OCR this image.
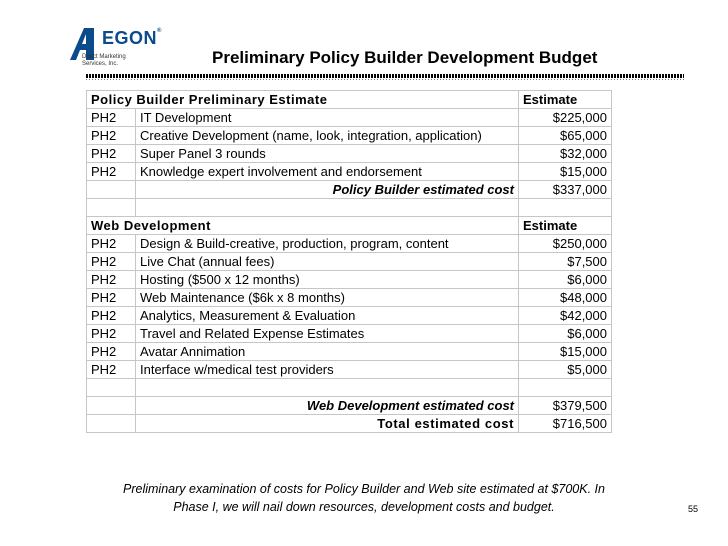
EGON®
Direct Marketing
Services, Inc.	Preliminary Policy Builder Development Budget
Policy Builder Preliminary Estimate		Estimate
PH2	IT Development	$225,000
PH2	Creative Development (name, look, integration, application)	$65,000
PH2	Super Panel 3 rounds	$32,000
PH2	Knowledge expert involvement and endorsement	$15,000
	Policy Builder estimated cost	$337,000

Web Development		Estimate
PH2	Design & Build-creative, production, program, content	$250,000
PH2	Live Chat (annual fees)	$7,500
PH2	Hosting ($500 x 12 months)	$6,000
PH2	Web Maintenance ($6k x 8 months)	$48,000
PH2	Analytics, Measurement & Evaluation	$42,000
PH2	Travel and Related Expense Estimates	$6,000
PH2	Avatar Annimation	$15,000
PH2	Interface w/medical test providers	$5,000

	Web Development estimated cost	$379,500
	Total estimated cost	$716,500
Preliminary examination of costs for Policy Builder and Web site estimated at $700K. In
Phase I, we will nail down resources, development costs and budget.	55
